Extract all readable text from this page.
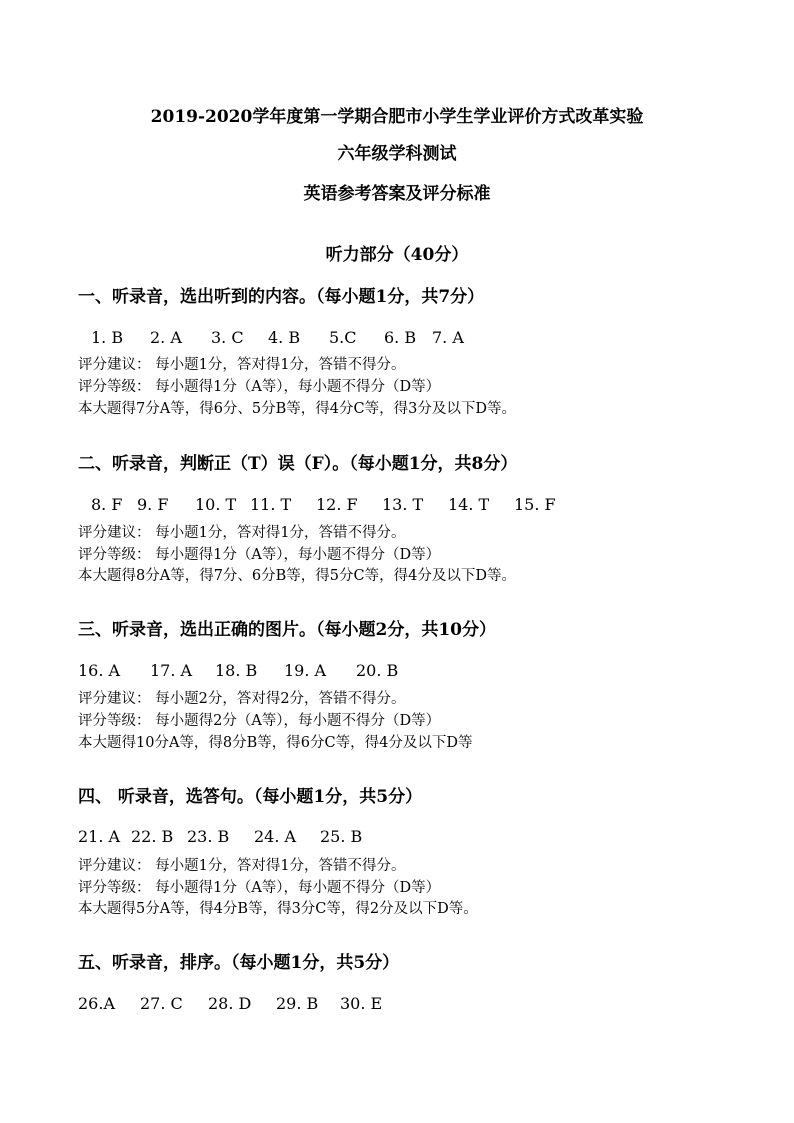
2019-2020学年度第一学期合肥市小学生学业评价方式改革实验
六年级学科测试
英语参考答案及评分标准
听力部分（40分）
一、听录音，选出听到的内容。（每小题1分，共7分）
1. B 2. A 3. C 4. B 5.C 6. B 7. A
评分建议： 每小题1分，答对得1分，答错不得分。
评分等级： 每小题得1分（A等），每小题不得分（D等）
本大题得7分A等，得6分、5分B等，得4分C等，得3分及以下D等。
二、听录音，判断正（T）误（F）。（每小题1分，共8分）
8. F 9. F 10. T 11. T 12. F 13. T 14. T 15. F
评分建议： 每小题1分，答对得1分，答错不得分。
评分等级： 每小题得1分（A等），每小题不得分（D等）
本大题得8分A等，得7分、6分B等，得5分C等，得4分及以下D等。
三、听录音，选出正确的图片。（每小题2分，共10分）
16. A 17. A 18. B 19. A 20. B
评分建议： 每小题2分，答对得2分，答错不得分。
评分等级： 每小题得2分（A等），每小题不得分（D等）
本大题得10分A等，得8分B等，得6分C等，得4分及以下D等
四、 听录音，选答句。（每小题1分，共5分）
21. A 22. B 23. B 24. A 25. B
评分建议： 每小题1分，答对得1分，答错不得分。
评分等级： 每小题得1分（A等），每小题不得分（D等）
本大题得5分A等，得4分B等，得3分C等，得2分及以下D等。
五、听录音，排序。（每小题1分，共5分）
26.A 27. C 28. D 29. B 30. E
